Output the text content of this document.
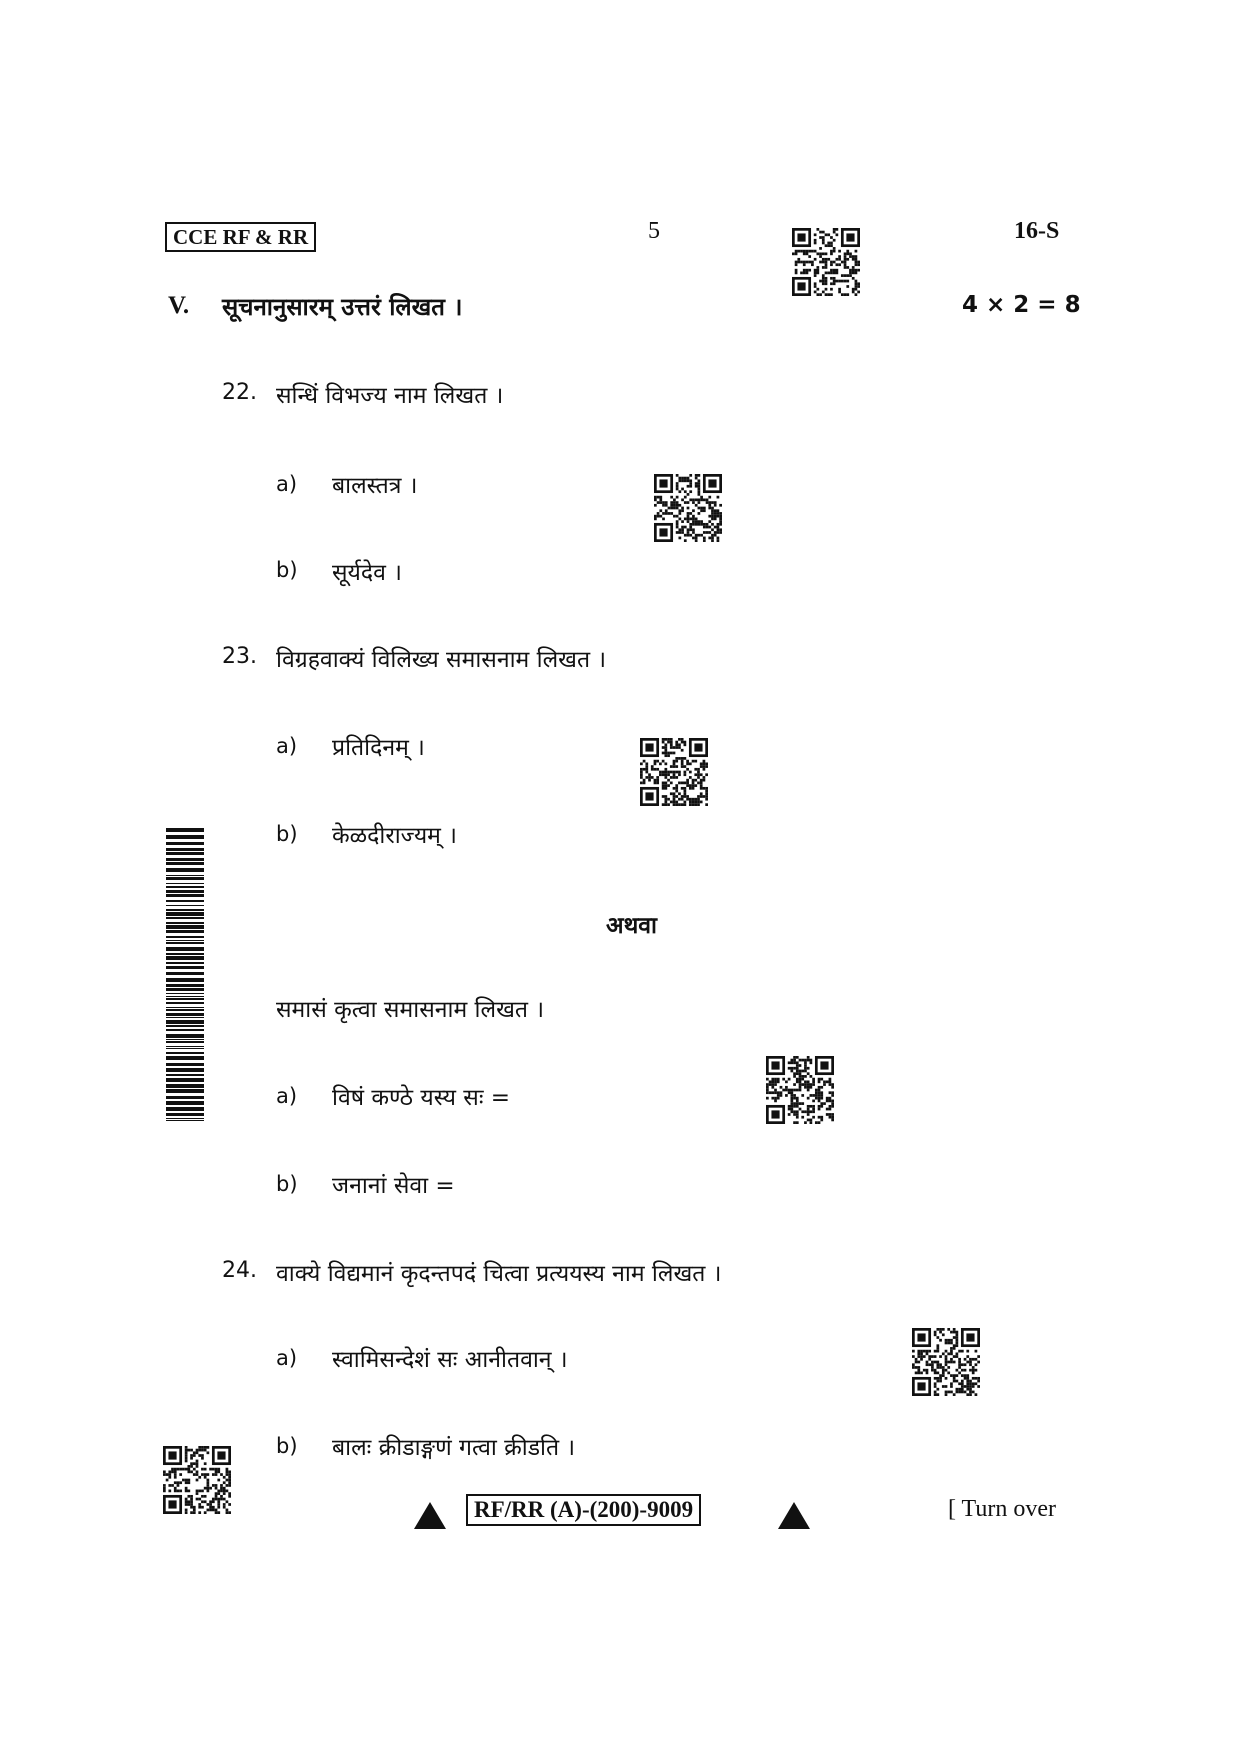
CCE RF & RR	5	16-S
V. सूचनानुसारम् उत्तरं लिखत ।	4 × 2 = 8
22. सन्धिं विभज्य नाम लिखत ।
a) बालस्तत्र ।
b) सूर्यदेव ।
23. विग्रहवाक्यं विलिख्य समासनाम लिखत ।
a) प्रतिदिनम् ।
b) केळदीराज्यम् ।
अथवा
समासं कृत्वा समासनाम लिखत ।
a) विषं कण्ठे यस्य सः =
b) जनानां सेवा =
24. वाक्ये विद्यमानं कृदन्तपदं चित्वा प्रत्ययस्य नाम लिखत ।
a) स्वामिसन्देशं सः आनीतवान् ।
b) बालः क्रीडाङ्गणं गत्वा क्रीडति ।
RF/RR (A)-(200)-9009	[ Turn over
